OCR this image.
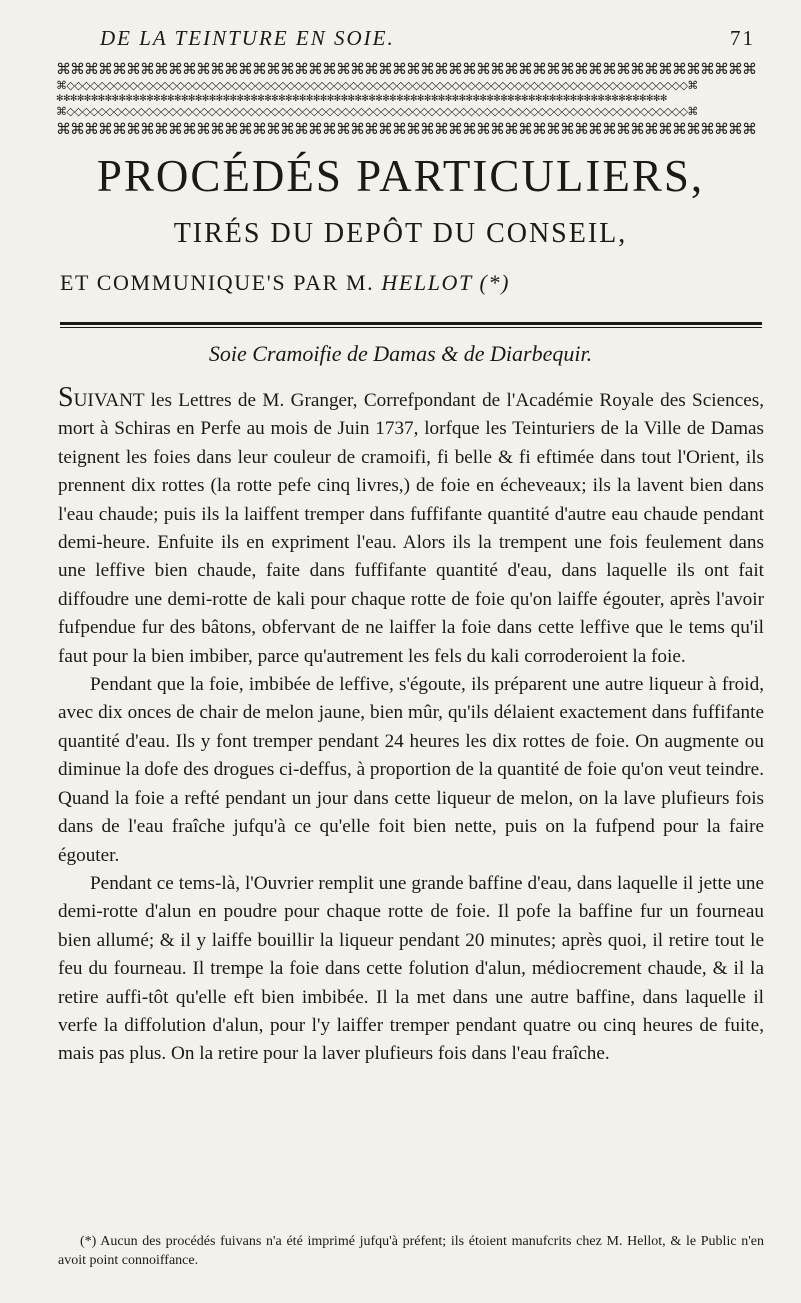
DE LA TEINTURE EN SOIE.	71
⌘⌘⌘⌘⌘⌘⌘⌘⌘⌘⌘⌘⌘⌘⌘⌘⌘⌘⌘⌘⌘⌘⌘⌘⌘⌘⌘⌘⌘⌘⌘⌘⌘⌘⌘⌘⌘⌘⌘⌘⌘⌘⌘⌘⌘⌘⌘⌘⌘⌘
⌘◇◇◇◇◇◇◇◇◇◇◇◇◇◇◇◇◇◇◇◇◇◇◇◇◇◇◇◇◇◇◇◇◇◇◇◇◇◇◇◇◇◇◇◇◇◇◇◇◇◇◇◇◇◇◇◇◇◇◇◇◇◇◇◇◇◇◇◇◇◇◇◇◇◇◇◇◇◇◇⌘
✻✻✻✻✻✻✻✻✻✻✻✻✻✻✻✻✻✻✻✻✻✻✻✻✻✻✻✻✻✻✻✻✻✻✻✻✻✻✻✻✻✻✻✻✻✻✻✻✻✻✻✻✻✻✻✻✻✻✻✻✻✻✻✻✻✻✻✻✻✻✻✻✻✻✻✻✻✻✻✻✻✻✻✻✻✻✻✻
⌘◇◇◇◇◇◇◇◇◇◇◇◇◇◇◇◇◇◇◇◇◇◇◇◇◇◇◇◇◇◇◇◇◇◇◇◇◇◇◇◇◇◇◇◇◇◇◇◇◇◇◇◇◇◇◇◇◇◇◇◇◇◇◇◇◇◇◇◇◇◇◇◇◇◇◇◇◇◇◇⌘
⌘⌘⌘⌘⌘⌘⌘⌘⌘⌘⌘⌘⌘⌘⌘⌘⌘⌘⌘⌘⌘⌘⌘⌘⌘⌘⌘⌘⌘⌘⌘⌘⌘⌘⌘⌘⌘⌘⌘⌘⌘⌘⌘⌘⌘⌘⌘⌘⌘⌘
PROCÉDÉS PARTICULIERS,
TIRÉS DU DEPÔT DU CONSEIL,
ET COMMUNIQUE'S PAR M. HELLOT (*)
Soie Cramoifie de Damas & de Diarbequir.

SUIVANT les Lettres de M. Granger, Correfpondant de l'Académie Royale des Sciences, mort à Schiras en Perfe au mois de Juin 1737, lorfque les Teinturiers de la Ville de Damas teignent les foies dans leur couleur de cramoifi, fi belle & fi eftimée dans tout l'Orient, ils prennent dix rottes (la rotte pefe cinq livres,) de foie en écheveaux; ils la lavent bien dans l'eau chaude; puis ils la laiffent tremper dans fuffifante quantité d'autre eau chaude pendant demi-heure. Enfuite ils en expriment l'eau. Alors ils la trempent une fois feulement dans une leffive bien chaude, faite dans fuffifante quantité d'eau, dans laquelle ils ont fait diffoudre une demi-rotte de kali pour chaque rotte de foie qu'on laiffe égouter, après l'avoir fufpendue fur des bâtons, obfervant de ne laiffer la foie dans cette leffive que le tems qu'il faut pour la bien imbiber, parce qu'autrement les fels du kali corroderoient la foie.

Pendant que la foie, imbibée de leffive, s'égoute, ils préparent une autre liqueur à froid, avec dix onces de chair de melon jaune, bien mûr, qu'ils délaient exactement dans fuffifante quantité d'eau. Ils y font tremper pendant 24 heures les dix rottes de foie. On augmente ou diminue la dofe des drogues ci-deffus, à proportion de la quantité de foie qu'on veut teindre. Quand la foie a refté pendant un jour dans cette liqueur de melon, on la lave plufieurs fois dans de l'eau fraîche jufqu'à ce qu'elle foit bien nette, puis on la fufpend pour la faire égouter.

Pendant ce tems-là, l'Ouvrier remplit une grande baffine d'eau, dans laquelle il jette une demi-rotte d'alun en poudre pour chaque rotte de foie. Il pofe la baffine fur un fourneau bien allumé; & il y laiffe bouillir la liqueur pendant 20 minutes; après quoi, il retire tout le feu du fourneau. Il trempe la foie dans cette folution d'alun, médiocrement chaude, & il la retire auffi-tôt qu'elle eft bien imbibée. Il la met dans une autre baffine, dans laquelle il verfe la diffolution d'alun, pour l'y laiffer tremper pendant quatre ou cinq heures de fuite, mais pas plus. On la retire pour la laver plufieurs fois dans l'eau fraîche.

(*) Aucun des procédés fuivans n'a été imprimé jufqu'à préfent; ils étoient manufcrits chez M. Hellot, & le Public n'en avoit point connoiffance.
